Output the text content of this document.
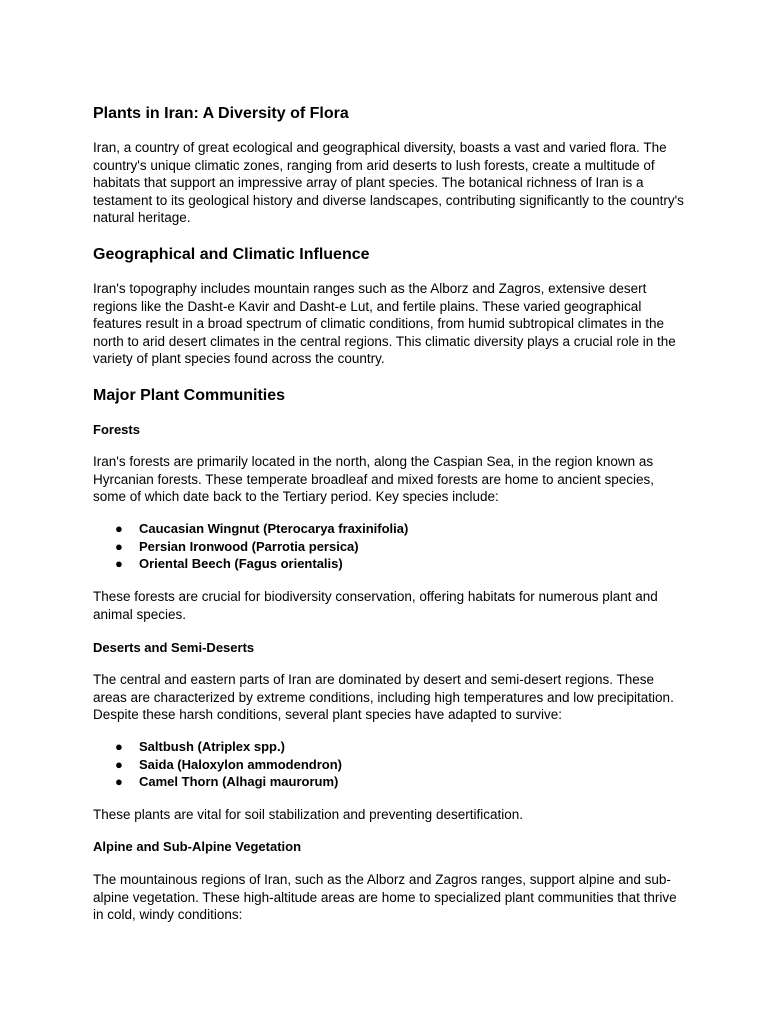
Plants in Iran: A Diversity of Flora

Iran, a country of great ecological and geographical diversity, boasts a vast and varied flora. The country's unique climatic zones, ranging from arid deserts to lush forests, create a multitude of habitats that support an impressive array of plant species. The botanical richness of Iran is a testament to its geological history and diverse landscapes, contributing significantly to the country's natural heritage.

Geographical and Climatic Influence

Iran's topography includes mountain ranges such as the Alborz and Zagros, extensive desert regions like the Dasht-e Kavir and Dasht-e Lut, and fertile plains. These varied geographical features result in a broad spectrum of climatic conditions, from humid subtropical climates in the north to arid desert climates in the central regions. This climatic diversity plays a crucial role in the variety of plant species found across the country.

Major Plant Communities
Forests

Iran's forests are primarily located in the north, along the Caspian Sea, in the region known as Hyrcanian forests. These temperate broadleaf and mixed forests are home to ancient species, some of which date back to the Tertiary period. Key species include:

● Caucasian Wingnut (Pterocarya fraxinifolia)
● Persian Ironwood (Parrotia persica)
● Oriental Beech (Fagus orientalis)

These forests are crucial for biodiversity conservation, offering habitats for numerous plant and animal species.

Deserts and Semi-Deserts

The central and eastern parts of Iran are dominated by desert and semi-desert regions. These areas are characterized by extreme conditions, including high temperatures and low precipitation. Despite these harsh conditions, several plant species have adapted to survive:

● Saltbush (Atriplex spp.)
● Saida (Haloxylon ammodendron)
● Camel Thorn (Alhagi maurorum)

These plants are vital for soil stabilization and preventing desertification.

Alpine and Sub-Alpine Vegetation

The mountainous regions of Iran, such as the Alborz and Zagros ranges, support alpine and sub-alpine vegetation. These high-altitude areas are home to specialized plant communities that thrive in cold, windy conditions:
